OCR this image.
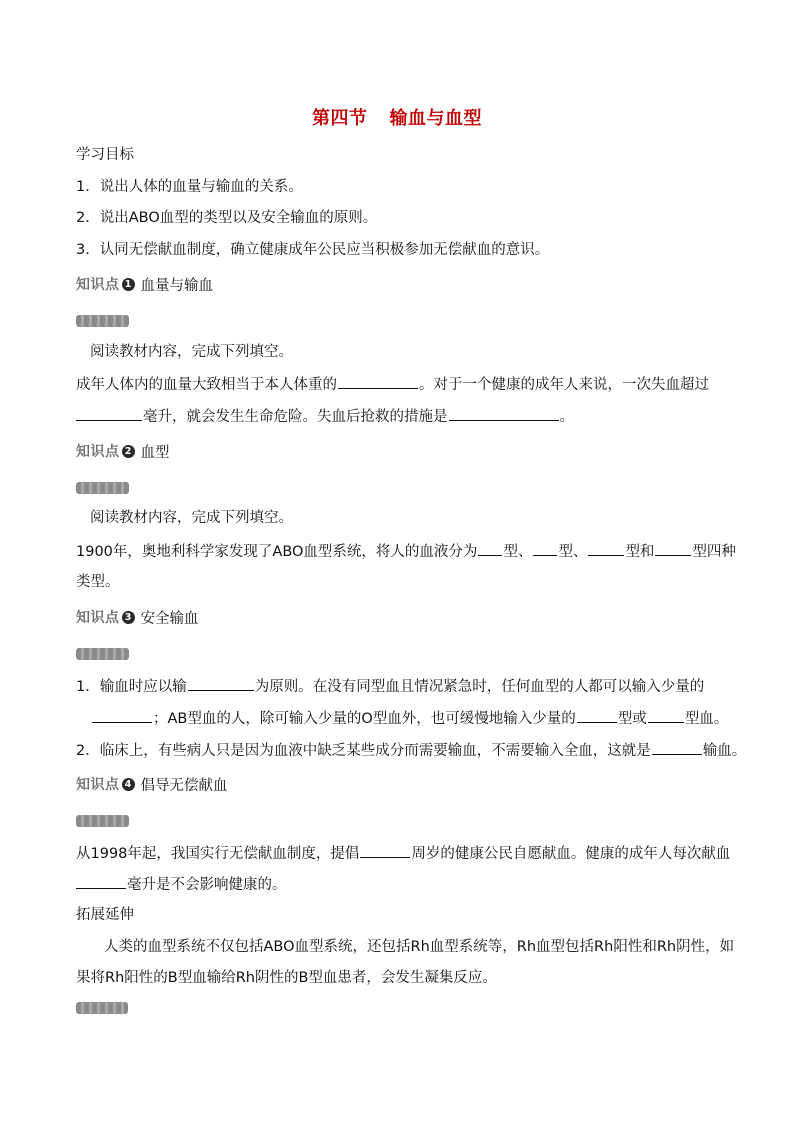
第四节 输血与血型
学习目标
1．说出人体的血量与输血的关系。
2．说出ABO血型的类型以及安全输血的原则。
3．认同无偿献血制度，确立健康成年公民应当积极参加无偿献血的意识。
知识点 1 血量与输血
阅读教材内容，完成下列填空。
成年人体内的血量大致相当于本人体重的	。对于一个健康的成年人来说，一次失血超过
毫升，就会发生生命危险。失血后抢救的措施是	。
知识点 2 血型
阅读教材内容，完成下列填空。
1900年，奥地利科学家发现了ABO血型系统，将人的血液分为 型、 型、	型和	型四种
类型。
知识点 3 安全输血
1．输血时应以输	为原则。在没有同型血且情况紧急时，任何血型的人都可以输入少量的
；AB型血的人，除可输入少量的O型血外，也可缓慢地输入少量的	型或	型血。
2．临床上，有些病人只是因为血液中缺乏某些成分而需要输血，不需要输入全血，这就是	输血。
知识点 4 倡导无偿献血
从1998年起，我国实行无偿献血制度，提倡	周岁的健康公民自愿献血。健康的成年人每次献血
毫升是不会影响健康的。
拓展延伸
人类的血型系统不仅包括ABO血型系统，还包括Rh血型系统等，Rh血型包括Rh阳性和Rh阴性，如
果将Rh阳性的B型血输给Rh阴性的B型血患者，会发生凝集反应。
